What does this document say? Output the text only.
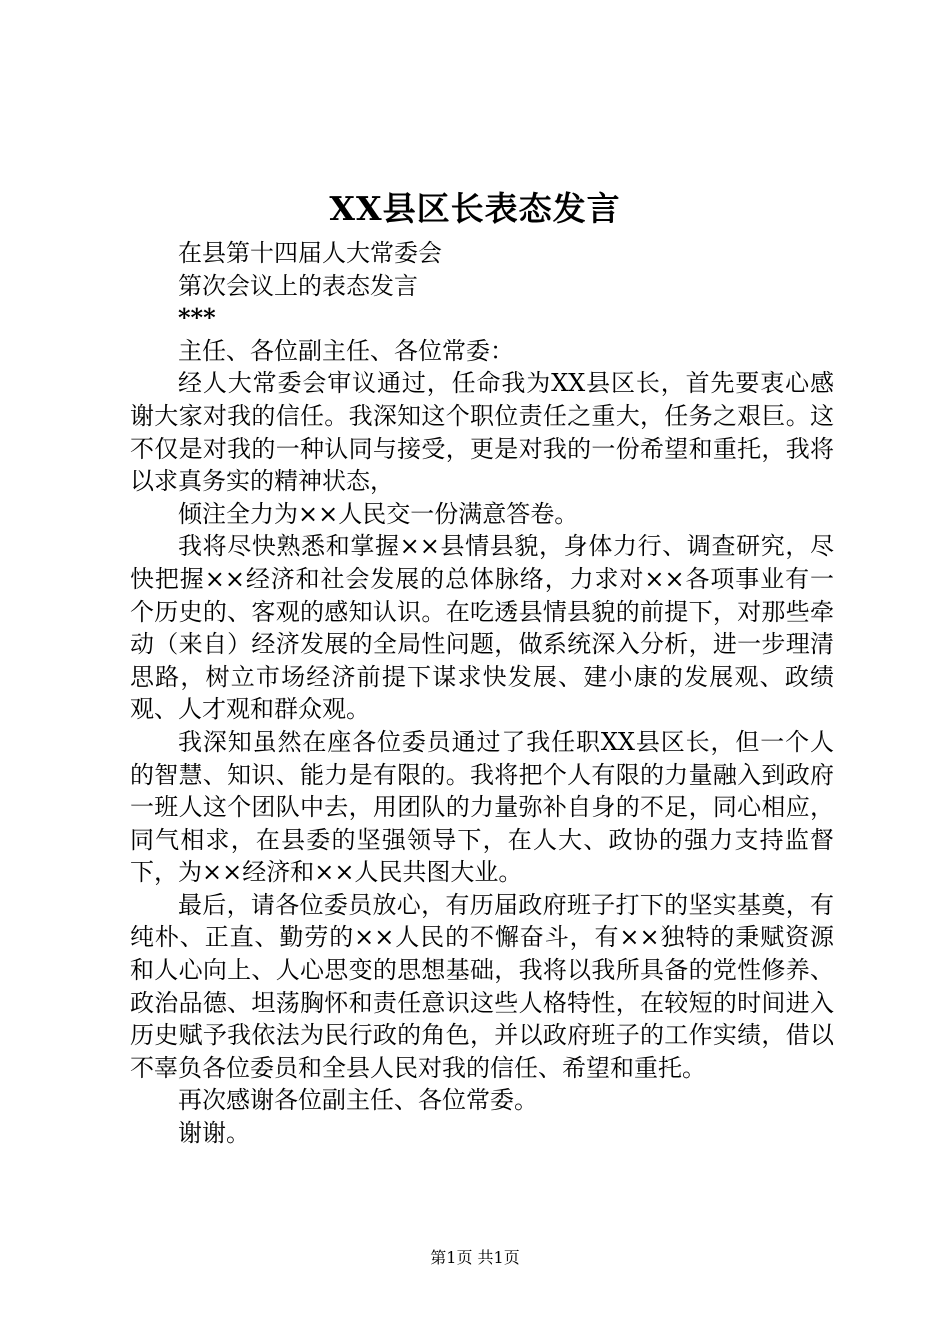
XX县区长表态发言

在县第十四届人大常委会

第次会议上的表态发言

***

主任、各位副主任、各位常委：

经人大常委会审议通过，任命我为XX县区长，首先要衷心感谢大家对我的信任。我深知这个职位责任之重大，任务之艰巨。这不仅是对我的一种认同与接受，更是对我的一份希望和重托，我将以求真务实的精神状态，

倾注全力为××人民交一份满意答卷。

我将尽快熟悉和掌握××县情县貌，身体力行、调查研究，尽快把握××经济和社会发展的总体脉络，力求对××各项事业有一个历史的、客观的感知认识。在吃透县情县貌的前提下，对那些牵动（来自）经济发展的全局性问题，做系统深入分析，进一步理清思路，树立市场经济前提下谋求快发展、建小康的发展观、政绩观、人才观和群众观。

我深知虽然在座各位委员通过了我任职XX县区长，但一个人的智慧、知识、能力是有限的。我将把个人有限的力量融入到政府一班人这个团队中去，用团队的力量弥补自身的不足，同心相应，同气相求，在县委的坚强领导下，在人大、政协的强力支持监督下，为××经济和××人民共图大业。

最后，请各位委员放心，有历届政府班子打下的坚实基奠，有纯朴、正直、勤劳的××人民的不懈奋斗，有××独特的秉赋资源和人心向上、人心思变的思想基础，我将以我所具备的党性修养、政治品德、坦荡胸怀和责任意识这些人格特性，在较短的时间进入历史赋予我依法为民行政的角色，并以政府班子的工作实绩，借以不辜负各位委员和全县人民对我的信任、希望和重托。

再次感谢各位副主任、各位常委。

谢谢。

第1页 共1页
